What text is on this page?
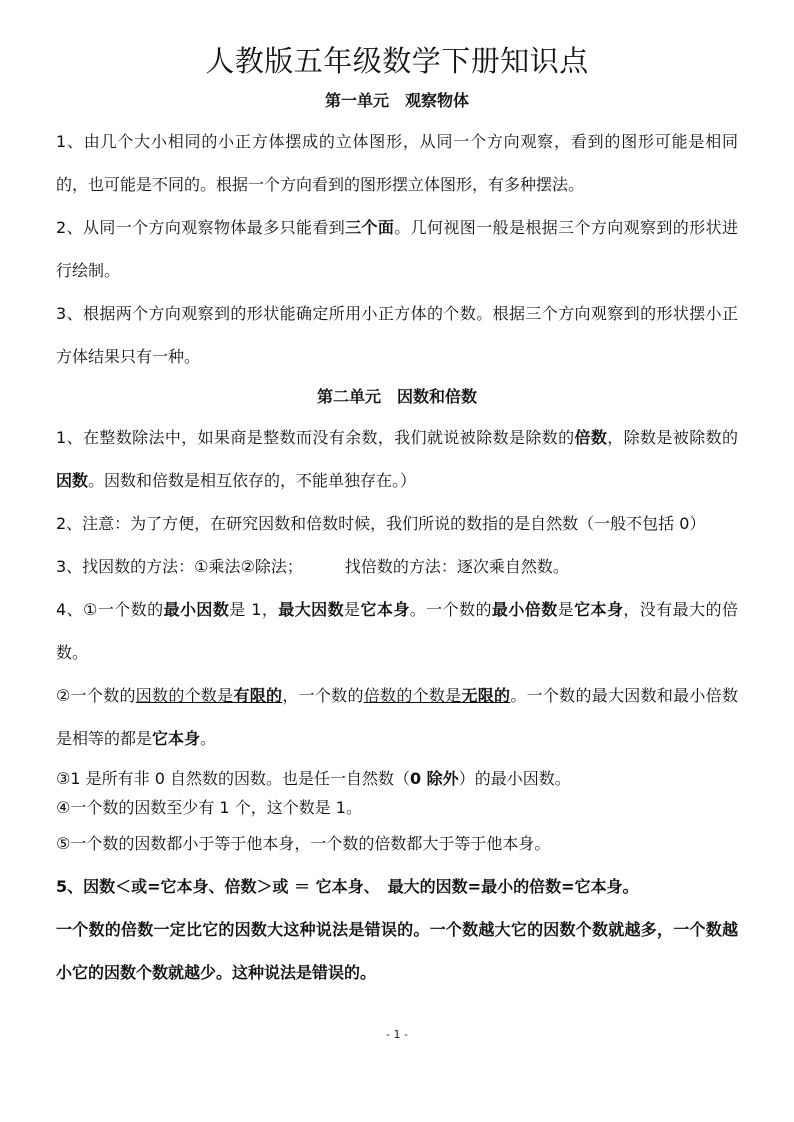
人教版五年级数学下册知识点
第一单元　观察物体

1、由几个大小相同的小正方体摆成的立体图形，从同一个方向观察，看到的图形可能是相同的，也可能是不同的。根据一个方向看到的图形摆立体图形，有多种摆法。

2、从同一个方向观察物体最多只能看到三个面。几何视图一般是根据三个方向观察到的形状进行绘制。

3、根据两个方向观察到的形状能确定所用小正方体的个数。根据三个方向观察到的形状摆小正方体结果只有一种。

第二单元　因数和倍数

1、在整数除法中，如果商是整数而没有余数，我们就说被除数是除数的倍数，除数是被除数的因数。因数和倍数是相互依存的，不能单独存在。）

2、注意：为了方便，在研究因数和倍数时候，我们所说的数指的是自然数（一般不包括 0）

3、找因数的方法：①乘法②除法；	找倍数的方法：逐次乘自然数。

4、①一个数的最小因数是 1，最大因数是它本身。一个数的最小倍数是它本身，没有最大的倍数。

②一个数的因数的个数是有限的，一个数的倍数的个数是无限的。一个数的最大因数和最小倍数是相等的都是它本身。

③1 是所有非 0 自然数的因数。也是任一自然数（0 除外）的最小因数。

④一个数的因数至少有 1 个，这个数是 1。

⑤一个数的因数都小于等于他本身，一个数的倍数都大于等于他本身。

5、因数＜或=它本身、倍数＞或 ＝ 它本身、　最大的因数=最小的倍数=它本身。

一个数的倍数一定比它的因数大这种说法是错误的。一个数越大它的因数个数就越多，一个数越小它的因数个数就越少。这种说法是错误的。

- 1 -
